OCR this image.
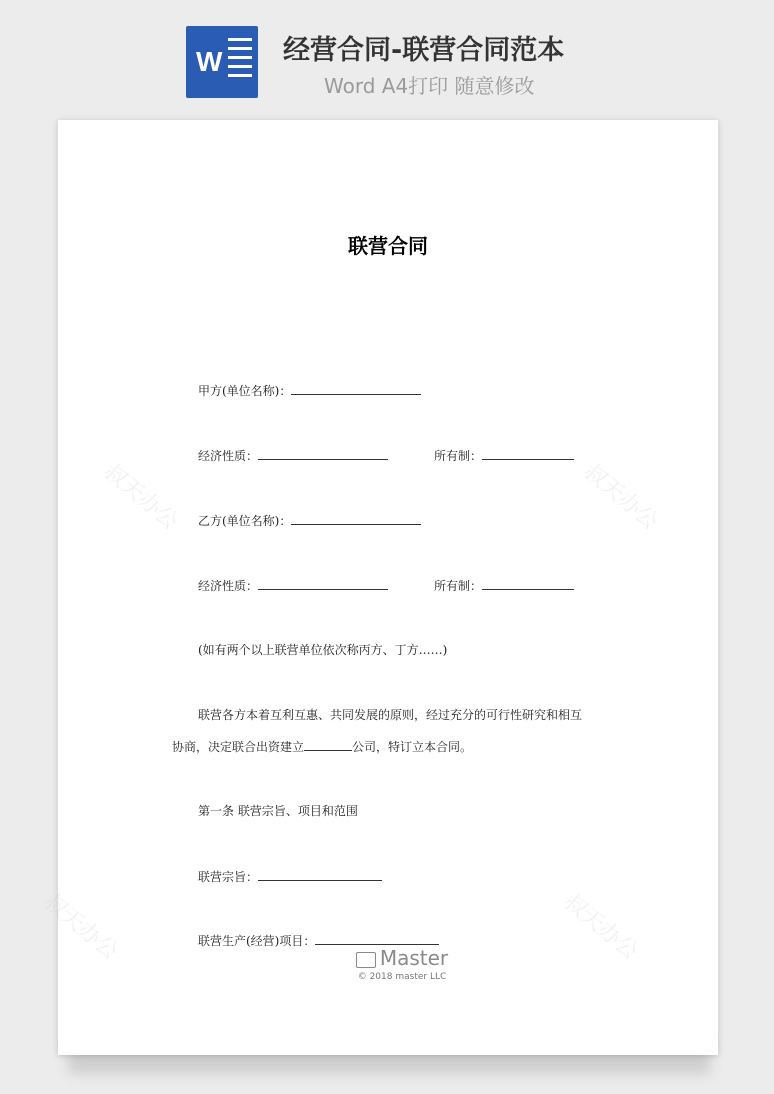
W 经营合同-联营合同范本
Word A4打印 随意修改
叔天办公	叔天办公
叔天办公	叔天办公
联营合同
甲方(单位名称)：
经济性质：	所有制：
乙方(单位名称)：
经济性质：	所有制：
(如有两个以上联营单位依次称丙方、丁方……)
联营各方本着互利互惠、共同发展的原则，经过充分的可行性研究和相互
协商，决定联合出资建立	公司，特订立本合同。
第一条 联营宗旨、项目和范围
联营宗旨：
联营生产(经营)项目：
Master
© 2018 master LLC
